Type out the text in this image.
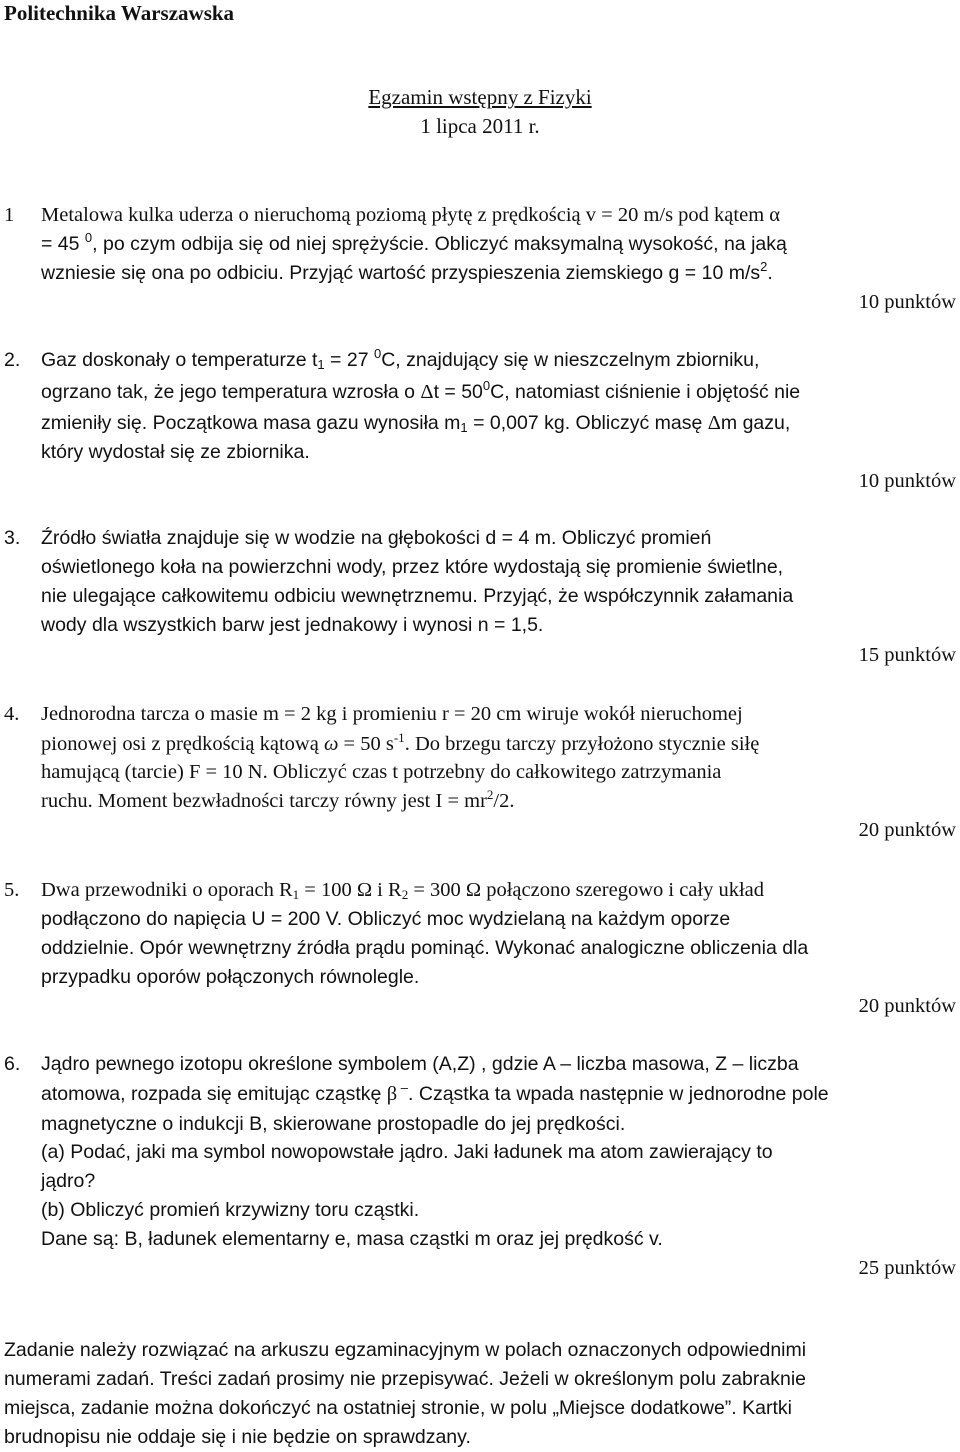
Politechnika Warszawska
Egzamin wstępny z Fizyki
1 lipca 2011 r.
1 Metalowa kulka uderza o nieruchomą poziomą płytę z prędkością v = 20 m/s pod kątem α
= 45 $^0$, po czym odbija się od niej sprężyście. Obliczyć maksymalną wysokość, na jaką
wzniesie się ona po odbiciu. Przyjąć wartość przyspieszenia ziemskiego g = 10 $m/s^2$.
10 punktów
2. Gaz doskonały o temperaturze $t_1 = 27$ $^0$C, znajdujący się w nieszczelnym zbiorniku,
ogrzano tak, że jego temperatura wzrosła o $\Delta t = 50^0C$, natomiast ciśnienie i objętość nie
zmieniły się. Początkowa masa gazu wynosiła $m_1 = 0,007$ kg. Obliczyć masę Δm gazu,
który wydostał się ze zbiornika.
10 punktów
3. Źródło światła znajduje się w wodzie na głębokości d = 4 m. Obliczyć promień
oświetlonego koła na powierzchni wody, przez które wydostają się promienie świetlne,
nie ulegające całkowitemu odbiciu wewnętrznemu. Przyjąć, że współczynnik załamania
wody dla wszystkich barw jest jednakowy i wynosi n = 1,5.
15 punktów
4. Jednorodna tarcza o masie m = 2 kg i promieniu r = 20 cm wiruje wokół nieruchomej
pionowej osi z prędkością kątową ω = 50 $s^{-1}$. Do brzegu tarczy przyłożono stycznie siłę
hamującą (tarcie) F = 10 N. Obliczyć czas t potrzebny do całkowitego zatrzymania
ruchu. Moment bezwładności tarczy równy jest $I = mr^2/2$.
20 punktów
5. Dwa przewodniki o oporach $R_1 = 100$ Ω i $R_2 = 300$ Ω połączono szeregowo i cały układ
podłączono do napięcia U = 200 V. Obliczyć moc wydzielaną na każdym oporze
oddzielnie. Opór wewnętrzny źródła prądu pominąć. Wykonać analogiczne obliczenia dla
przypadku oporów połączonych równolegle.
20 punktów
6. Jądro pewnego izotopu określone symbolem (A,Z) , gdzie A – liczba masowa, Z – liczba
atomowa, rozpada się emitując cząstkę β –. Cząstka ta wpada następnie w jednorodne pole
magnetyczne o indukcji B, skierowane prostopadle do jej prędkości.
(a) Podać, jaki ma symbol nowopowstałe jądro. Jaki ładunek ma atom zawierający to
jądro?
(b) Obliczyć promień krzywizny toru cząstki.
Dane są: B, ładunek elementarny e, masa cząstki m oraz jej prędkość v.
25 punktów
Zadanie należy rozwiązać na arkuszu egzaminacyjnym w polach oznaczonych odpowiednimi
numerami zadań. Treści zadań prosimy nie przepisywać. Jeżeli w określonym polu zabraknie
miejsca, zadanie można dokończyć na ostatniej stronie, w polu „Miejsce dodatkowe”. Kartki
brudnopisu nie oddaje się i nie będzie on sprawdzany.
